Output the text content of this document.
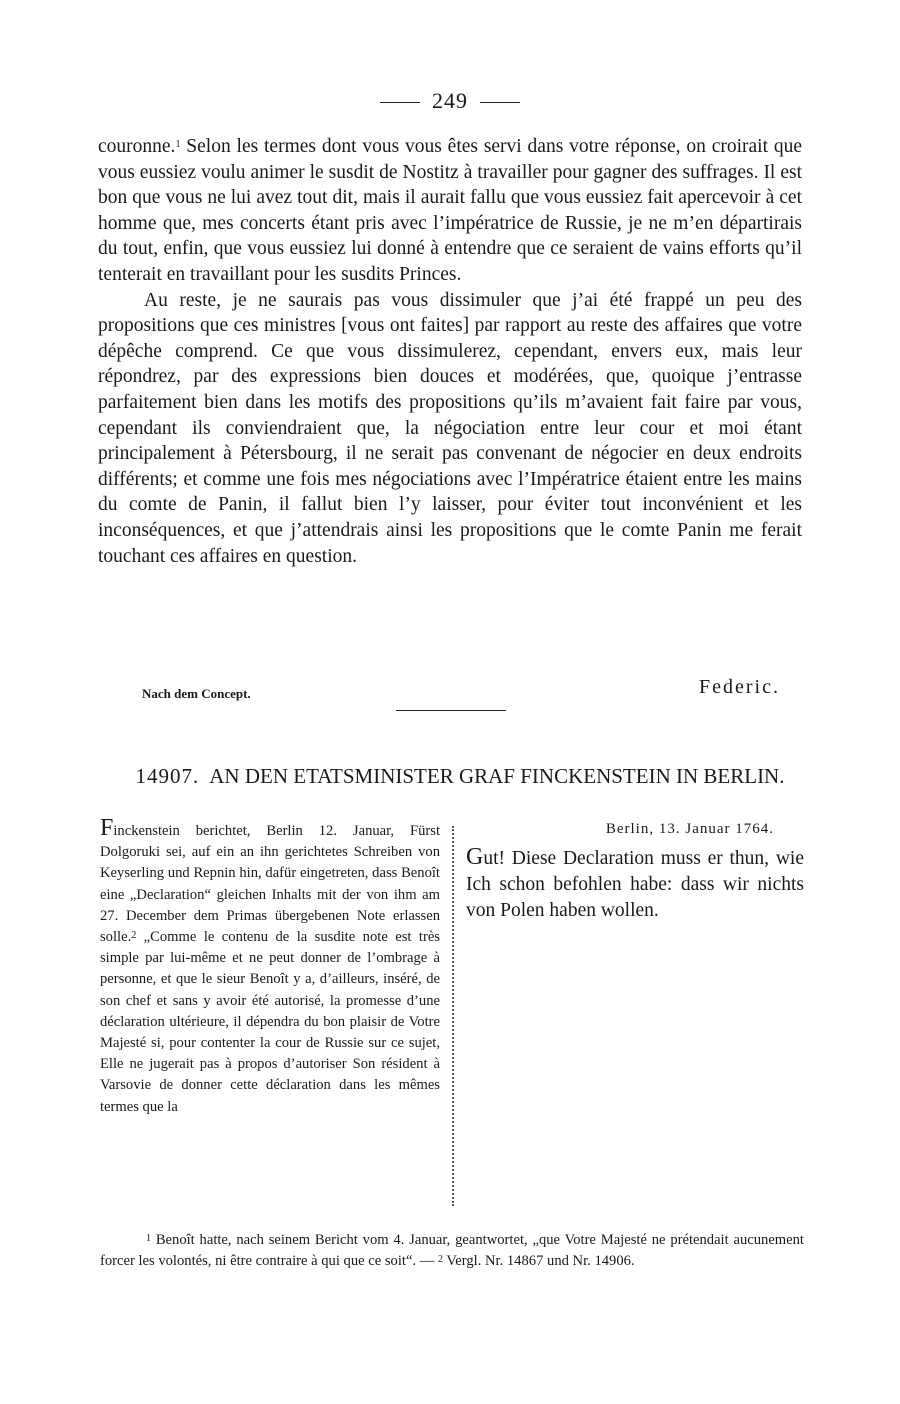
249

couronne.$^1$ Selon les termes dont vous vous êtes servi dans votre réponse, on croirait que vous eussiez voulu animer le susdit de Nostitz à travailler pour gagner des suffrages. Il est bon que vous ne lui avez tout dit, mais il aurait fallu que vous eussiez fait apercevoir à cet homme que, mes concerts étant pris avec l’impératrice de Russie, je ne m’en départirais du tout, enfin, que vous eussiez lui donné à entendre que ce seraient de vains efforts qu’il tenterait en travaillant pour les susdits Princes.

Au reste, je ne saurais pas vous dissimuler que j’ai été frappé un peu des propositions que ces ministres [vous ont faites] par rapport au reste des affaires que votre dépêche comprend. Ce que vous dissimulerez, cependant, envers eux, mais leur répondrez, par des expressions bien douces et modérées, que, quoique j’entrasse parfaitement bien dans les motifs des propositions qu’ils m’avaient fait faire par vous, cependant ils conviendraient que, la négociation entre leur cour et moi étant principalement à Pétersbourg, il ne serait pas convenant de négocier en deux endroits différents; et comme une fois mes négociations avec l’Impératrice étaient entre les mains du comte de Panin, il fallut bien l’y laisser, pour éviter tout inconvénient et les inconséquences, et que j’attendrais ainsi les propositions que le comte Panin me ferait touchant ces affaires en question.

Nach dem Concept.	Federic.
14907. AN DEN ETATSMINISTER GRAF FINCKENSTEIN IN BERLIN.
Finckenstein berichtet, Berlin 12. Januar, Fürst Dolgoruki sei, auf ein an ihn gerichtetes Schreiben von Keyserling und Repnin hin, dafür eingetreten, dass Benoît eine „Declaration“ gleichen Inhalts mit der von ihm am 27. December dem Primas übergebenen Note erlassen solle.$^2$ „Comme le contenu de la susdite note est très simple par lui-même et ne peut donner de l’ombrage à personne, et que le sieur Benoît y a, d’ailleurs, inséré, de son chef et sans y avoir été autorisé, la promesse d’une déclaration ultérieure, il dépendra du bon plaisir de Votre Majesté si, pour contenter la cour de Russie sur ce sujet, Elle ne jugerait pas à propos d’autoriser Son résident à Varsovie de donner cette déclaration dans les mêmes termes que la
Berlin, 13. Januar 1764.
Gut! Diese Declaration muss er thun, wie Ich schon befohlen habe: dass wir nichts von Polen haben wollen.

$^1$ Benoît hatte, nach seinem Bericht vom 4. Januar, geantwortet, „que Votre Majesté ne prétendait aucunement forcer les volontés, ni être contraire à qui que ce soit“. — $^2$ Vergl. Nr. 14867 und Nr. 14906.
